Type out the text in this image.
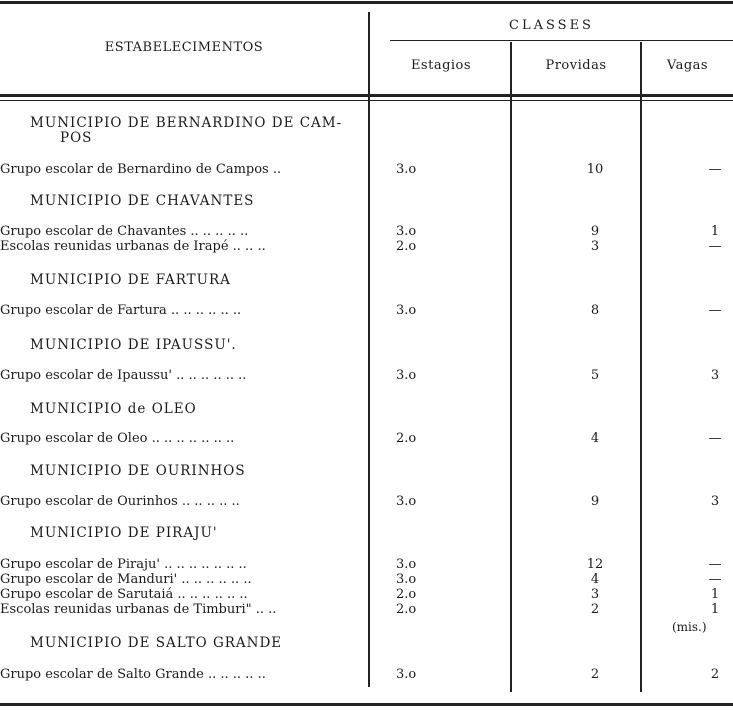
ESTABELECIMENTOS
CLASSES
Estagios	Providas	Vagas
MUNICIPIO DE BERNARDINO DE CAM-
POS
Grupo escolar de Bernardino de Campos ..	3.o	10	—
MUNICIPIO DE CHAVANTES
Grupo escolar de Chavantes .. .. .. .. ..	3.o	9	1
Escolas reunidas urbanas de Irapé .. .. ..	2.o	3	—
MUNICIPIO DE FARTURA
Grupo escolar de Fartura .. .. .. .. .. ..	3.o	8	—
MUNICIPIO DE IPAUSSU'.
Grupo escolar de Ipaussu' .. .. .. .. .. ..	3.o	5	3
MUNICIPIO de OLEO
Grupo escolar de Oleo .. .. .. .. .. .. ..	2.o	4	—
MUNICIPIO DE OURINHOS
Grupo escolar de Ourinhos .. .. .. .. ..	3.o	9	3
MUNICIPIO DE PIRAJU'
Grupo escolar de Piraju' .. .. .. .. .. .. ..	3.o	12	—
Grupo escolar de Manduri' .. .. .. .. .. ..	3.o	4	—
Grupo escolar de Sarutaiá .. .. .. .. .. ..	2.o	3	1
Escolas reunidas urbanas de Timburi" .. ..	2.o	2	1
(mis.)
MUNICIPIO DE SALTO GRANDE
Grupo escolar de Salto Grande .. .. .. .. ..	3.o	2	2
